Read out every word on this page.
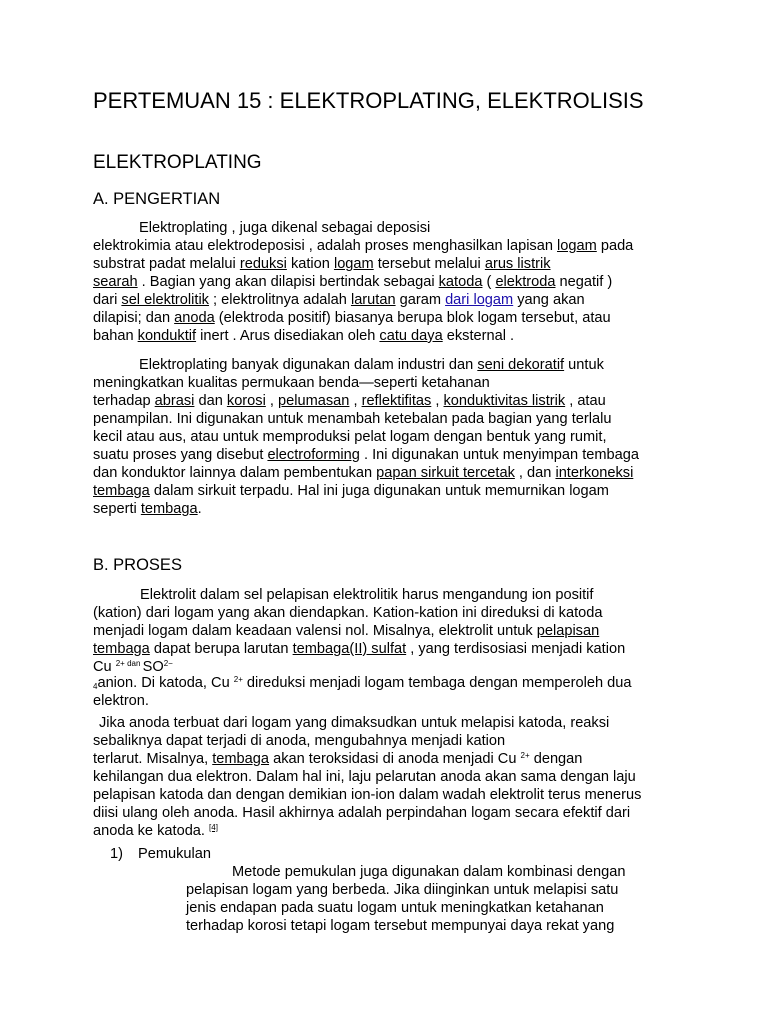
PERTEMUAN 15 : ELEKTROPLATING, ELEKTROLISIS
ELEKTROPLATING
A. PENGERTIAN
Elektroplating , juga dikenal sebagai deposisi
elektrokimia atau elektrodeposisi , adalah proses menghasilkan lapisan logam pada
substrat padat melalui reduksi kation logam tersebut melalui arus listrik
searah . Bagian yang akan dilapisi bertindak sebagai katoda ( elektroda negatif )
dari sel elektrolitik ; elektrolitnya adalah larutan garam dari logam yang akan
dilapisi; dan anoda (elektroda positif) biasanya berupa blok logam tersebut, atau
bahan konduktif inert . Arus disediakan oleh catu daya eksternal .
Elektroplating banyak digunakan dalam industri dan seni dekoratif untuk
meningkatkan kualitas permukaan benda—seperti ketahanan
terhadap abrasi dan korosi , pelumasan , reflektifitas , konduktivitas listrik , atau
penampilan. Ini digunakan untuk menambah ketebalan pada bagian yang terlalu
kecil atau aus, atau untuk memproduksi pelat logam dengan bentuk yang rumit,
suatu proses yang disebut electroforming . Ini digunakan untuk menyimpan tembaga
dan konduktor lainnya dalam pembentukan papan sirkuit tercetak , dan interkoneksi
tembaga dalam sirkuit terpadu. Hal ini juga digunakan untuk memurnikan logam
seperti tembaga.
B. PROSES
Elektrolit dalam sel pelapisan elektrolitik harus mengandung ion positif
(kation) dari logam yang akan diendapkan. Kation-kation ini direduksi di katoda
menjadi logam dalam keadaan valensi nol. Misalnya, elektrolit untuk pelapisan
tembaga dapat berupa larutan tembaga(II) sulfat , yang terdisosiasi menjadi kation
Cu $^{2+ dan}$ $SO^{2-}$
$_4$anion. Di katoda, Cu $^{2+}$ direduksi menjadi logam tembaga dengan memperoleh dua
elektron.
Jika anoda terbuat dari logam yang dimaksudkan untuk melapisi katoda, reaksi
sebaliknya dapat terjadi di anoda, mengubahnya menjadi kation
terlarut. Misalnya, tembaga akan teroksidasi di anoda menjadi Cu $^{2+}$ dengan
kehilangan dua elektron. Dalam hal ini, laju pelarutan anoda akan sama dengan laju
pelapisan katoda dan dengan demikian ion-ion dalam wadah elektrolit terus menerus
diisi ulang oleh anoda. Hasil akhirnya adalah perpindahan logam secara efektif dari
anoda ke katoda. [4]
1) Pemukulan
Metode pemukulan juga digunakan dalam kombinasi dengan
pelapisan logam yang berbeda. Jika diinginkan untuk melapisi satu
jenis endapan pada suatu logam untuk meningkatkan ketahanan
terhadap korosi tetapi logam tersebut mempunyai daya rekat yang
